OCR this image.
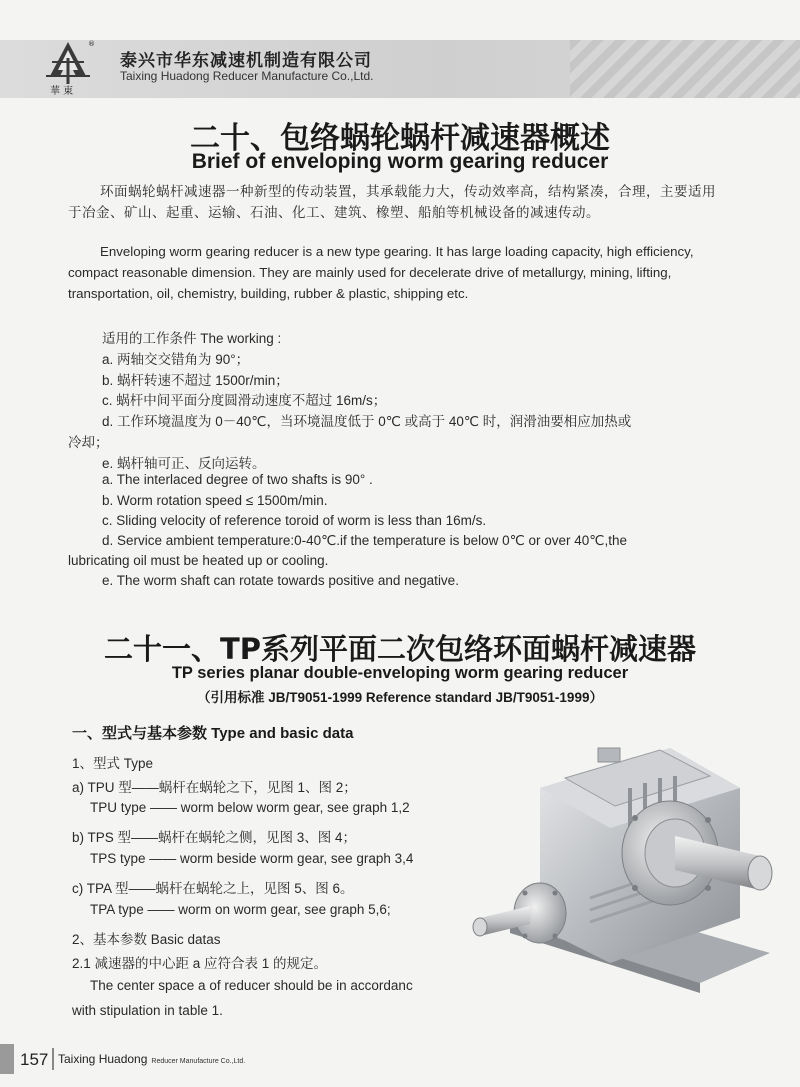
華 東
®
泰兴市华东减速机制造有限公司
Taixing Huadong Reducer Manufacture Co.,Ltd.
二十、包络蜗轮蜗杆减速器概述
Brief of enveloping worm gearing reducer
环面蜗轮蜗杆减速器一种新型的传动装置，其承载能力大，传动效率高，结构紧凑，合理，主要适用于冶金、矿山、起重、运输、石油、化工、建筑、橡塑、船舶等机械设备的减速传动。
Enveloping worm gearing reducer is a new type gearing. It has large loading capacity, high efficiency, compact reasonable dimension. They are mainly used for decelerate drive of metallurgy, mining, lifting, transportation, oil, chemistry, building, rubber & plastic, shipping etc.
适用的工作条件 The working :
a. 两轴交交错角为 90°；
b. 蜗杆转速不超过 1500r/min；
c. 蜗杆中间平面分度圆滑动速度不超过 16m/s；
d. 工作环境温度为 0－40℃，当环境温度低于 0℃ 或高于 40℃ 时，润滑油要相应加热或
冷却；
e. 蜗杆轴可正、反向运转。
a. The interlaced degree of two shafts is 90° .
b. Worm rotation speed ≤ 1500m/min.
c. Sliding velocity of reference toroid of worm is less than 16m/s.
d. Service ambient temperature:0-40℃.if the temperature is below 0℃ or over 40℃,the
lubricating oil must be heated up or cooling.
e. The worm shaft can rotate towards positive and negative.
二十一、TP系列平面二次包络环面蜗杆减速器
TP series planar double-enveloping worm gearing reducer
（引用标准 JB/T9051-1999 Reference standard JB/T9051-1999）
一、型式与基本参数 Type and basic data
1、型式 Type
a) TPU 型——蜗杆在蜗轮之下，见图 1、图 2；
TPU type —— worm below worm gear, see graph 1,2
b) TPS 型——蜗杆在蜗轮之侧，见图 3、图 4；
TPS type —— worm beside worm gear, see graph 3,4
c) TPA 型——蜗杆在蜗轮之上，见图 5、图 6。
TPA type —— worm on worm gear, see graph 5,6;
2、基本参数 Basic datas
2.1 减速器的中心距 a 应符合表 1 的规定。
The center space a of reducer should be in accordanc
with stipulation in table 1.
157 Taixing Huadong Reducer Manufacture Co.,Ltd.
